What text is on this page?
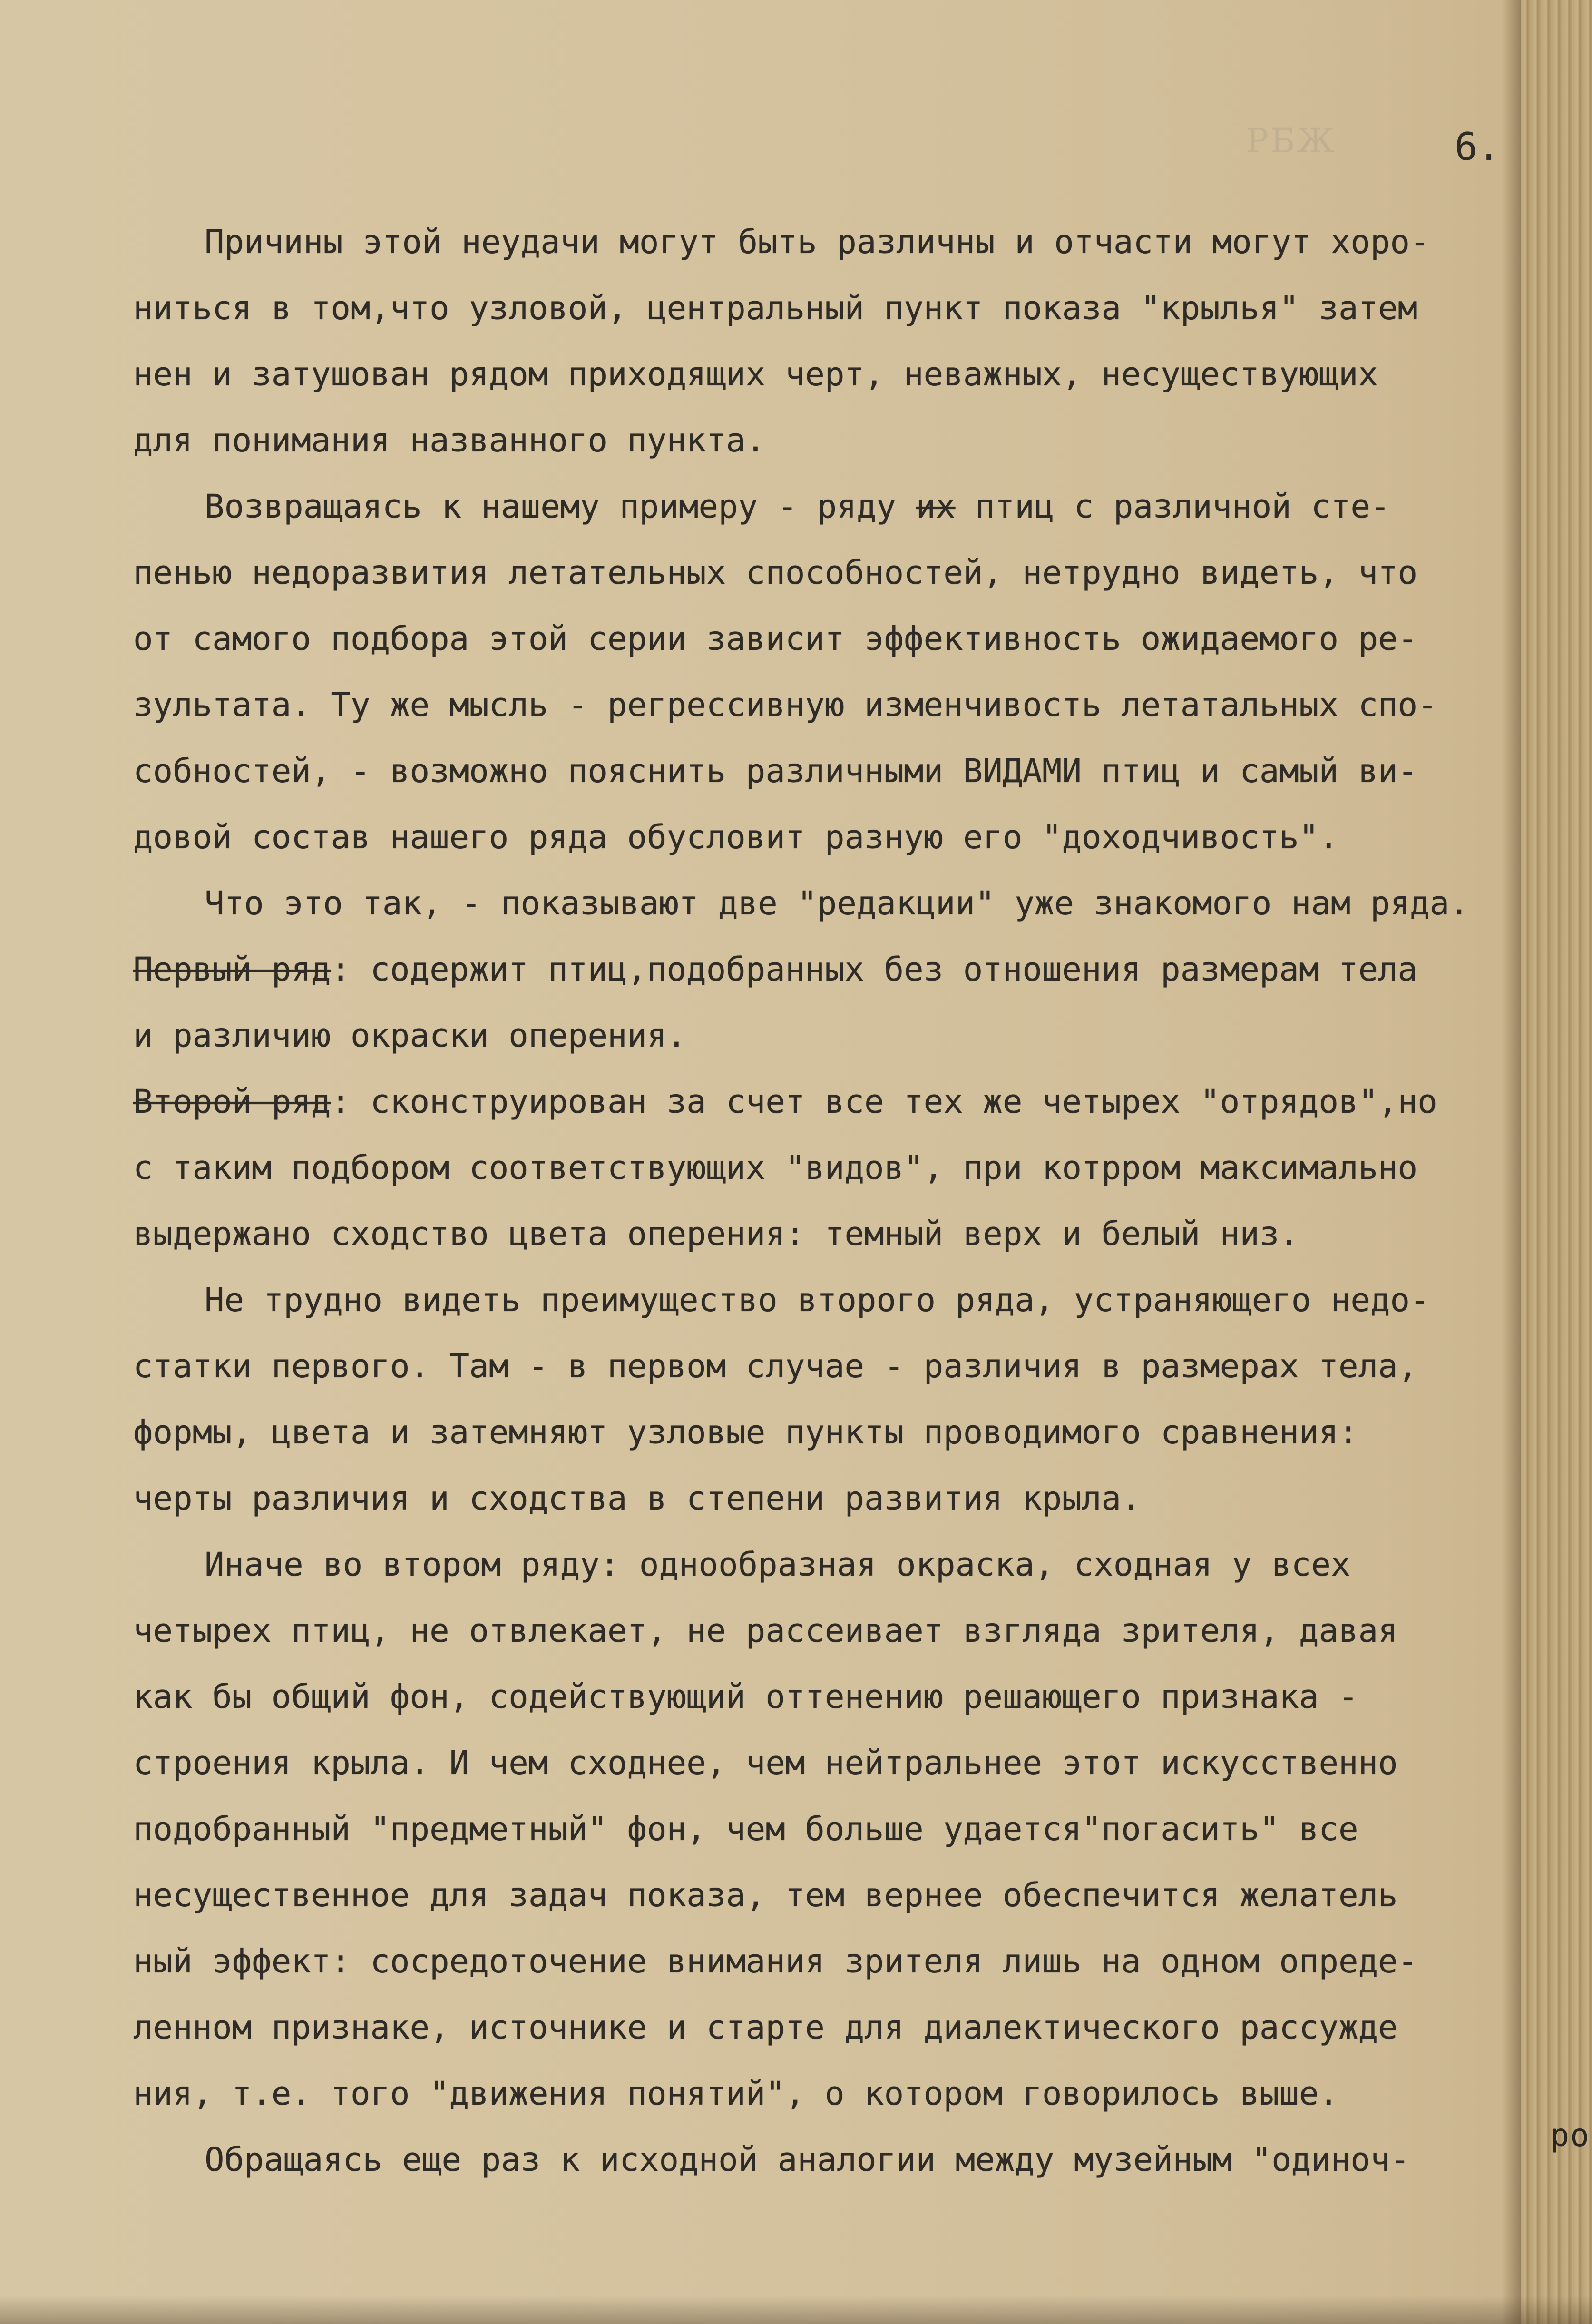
ро
РБЖ	6.
Причины этой неудачи могут быть различны и отчасти могут хоро-
ниться в том,что узловой, центральный пункт показа "крылья" затем
нен и затушован рядом приходящих черт, неважных, несуществующих
для понимания названного пункта.
Возвращаясь к нашему примеру - ряду их птиц с различной сте-
пенью недоразвития летательных способностей, нетрудно видеть, что
от самого подбора этой серии зависит эффективность ожидаемого ре-
зультата. Ту же мысль - регрессивную изменчивость летатальных спо-
собностей, - возможно пояснить различными ВИДАМИ птиц и самый ви-
довой состав нашего ряда обусловит разную его "доходчивость".
Что это так, - показывают две "редакции" уже знакомого нам ряда.
Первый ряд: содержит птиц,подобранных без отношения размерам тела
и различию окраски оперения.
Второй ряд: сконструирован за счет все тех же четырех "отрядов",но
с таким подбором соответствующих "видов", при котрром максимально
выдержано сходство цвета оперения: темный верх и белый низ.
Не трудно видеть преимущество второго ряда, устраняющего недо-
статки первого. Там - в первом случае - различия в размерах тела,
формы, цвета и затемняют узловые пункты проводимого сравнения:
черты различия и сходства в степени развития крыла.
Иначе во втором ряду: однообразная окраска, сходная у всех
четырех птиц, не отвлекает, не рассеивает взгляда зрителя, давая
как бы общий фон, содействующий оттенению решающего признака -
строения крыла. И чем сходнее, чем нейтральнее этот искусственно
подобранный "предметный" фон, чем больше удается"погасить" все
несущественное для задач показа, тем вернее обеспечится желатель
ный эффект: сосредоточение внимания зрителя лишь на одном опреде-
ленном признаке, источнике и старте для диалектического рассужде
ния, т.е. того "движения понятий", о котором говорилось выше.
Обращаясь еще раз к исходной аналогии между музейным "одиноч-
